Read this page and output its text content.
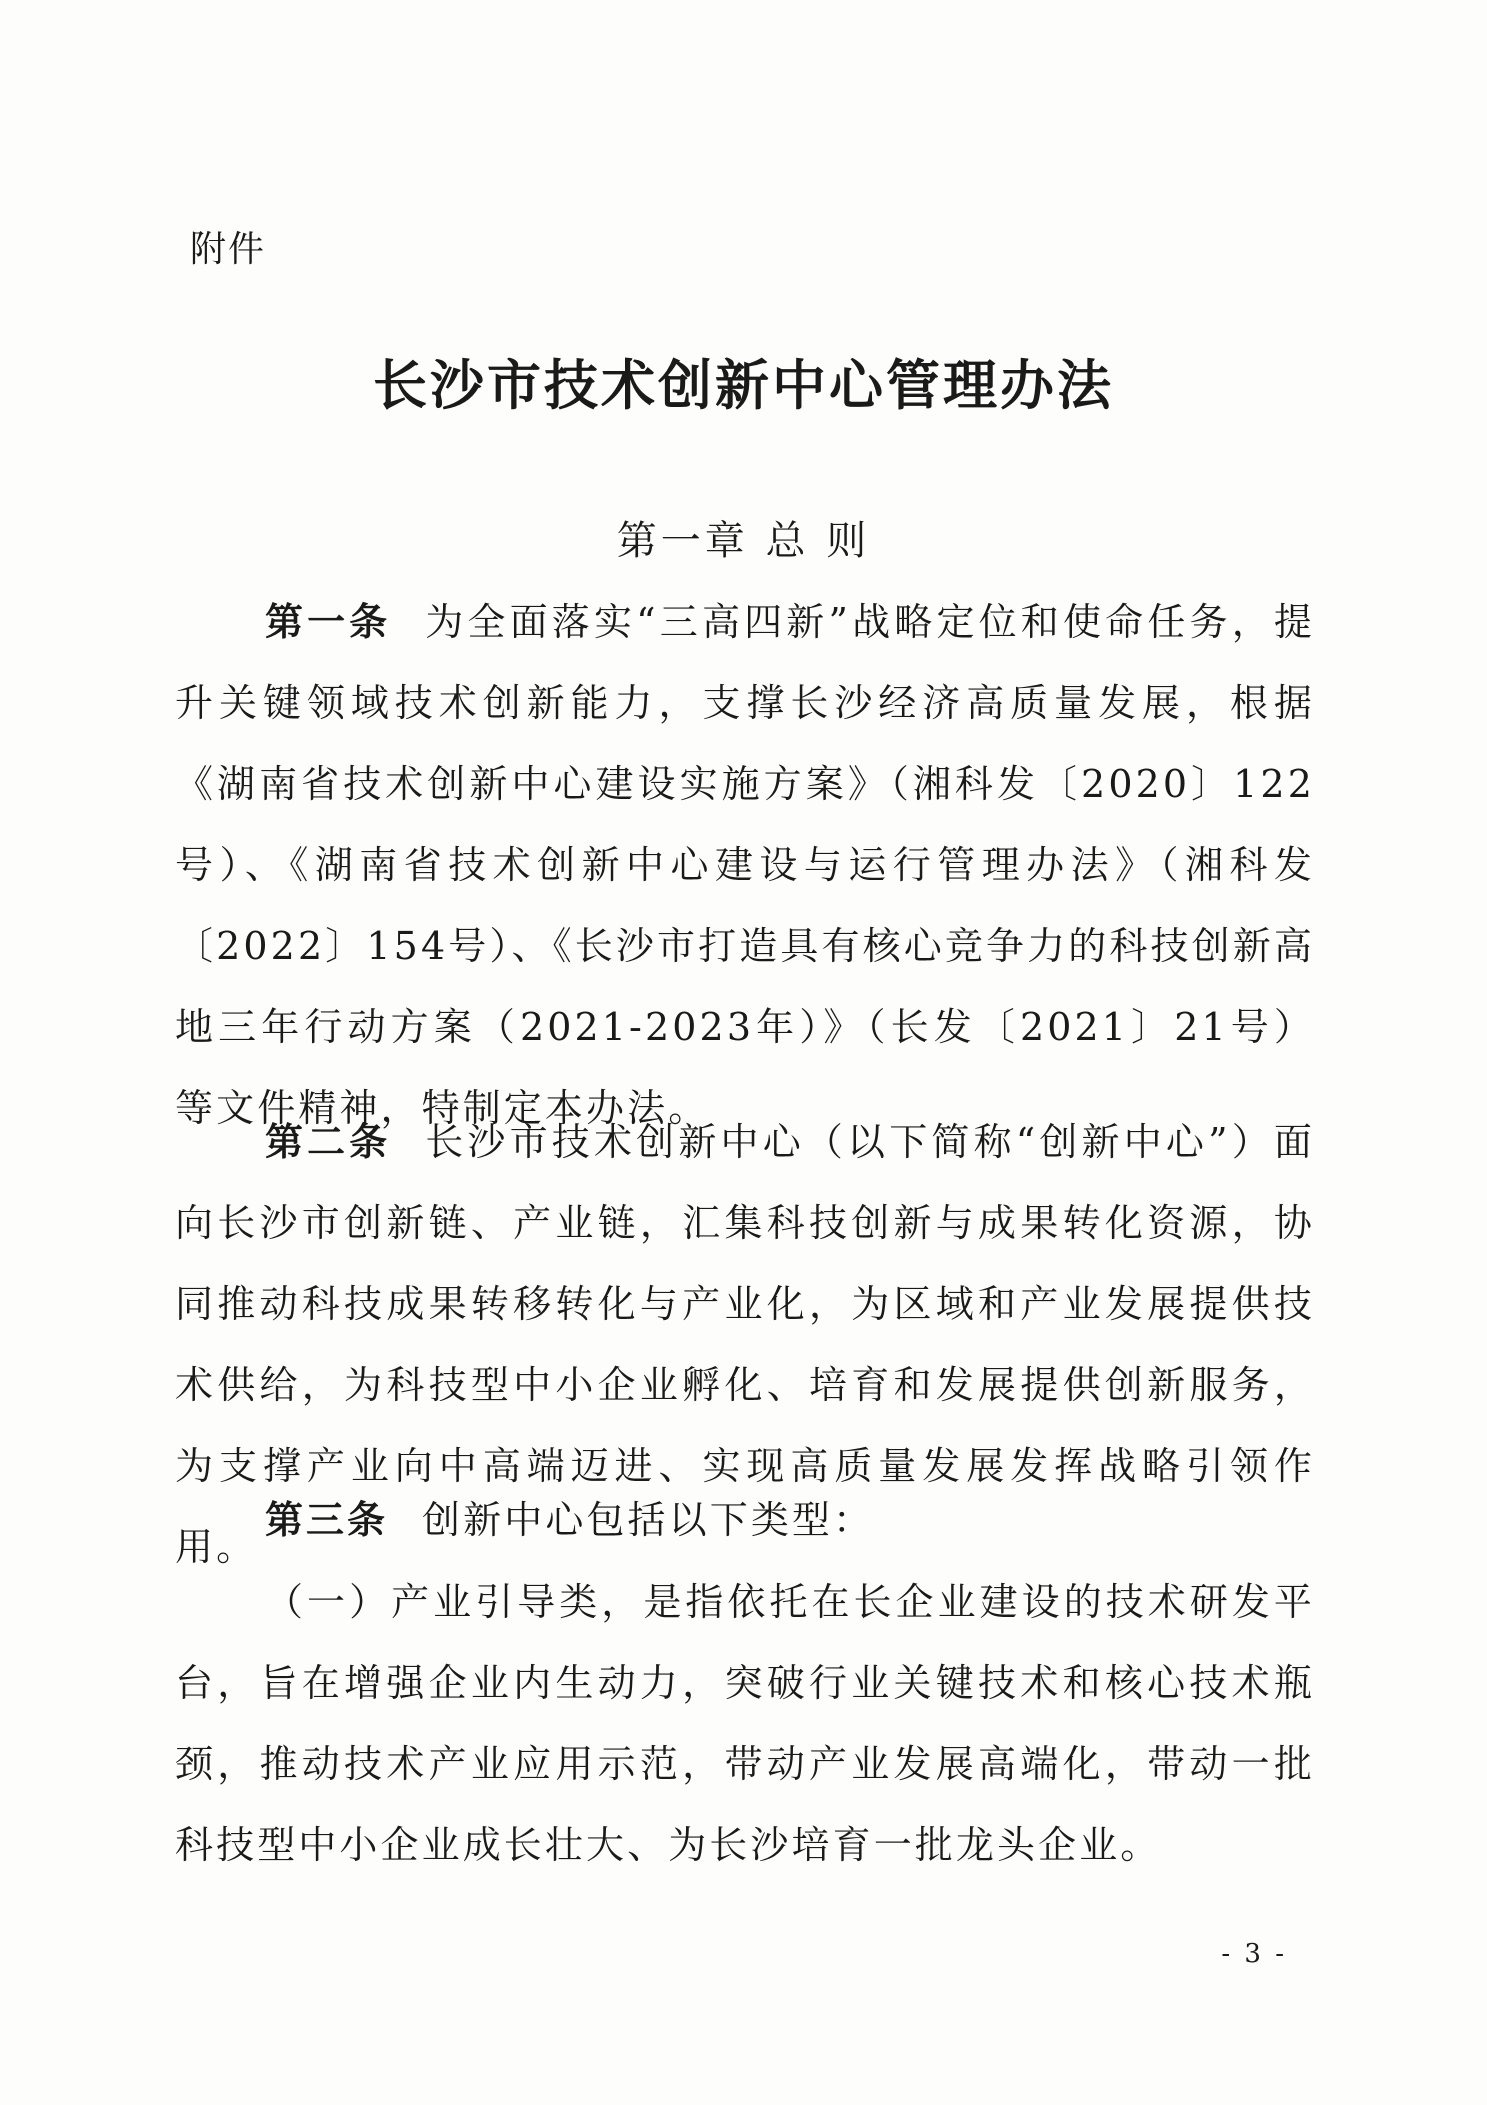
附件
长沙市技术创新中心管理办法
第一章 总 则

第一条 为全面落实“三高四新”战略定位和使命任务，提升关键领域技术创新能力，支撑长沙经济高质量发展，根据《湖南省技术创新中心建设实施方案》（湘科发〔2020〕122号）、《湖南省技术创新中心建设与运行管理办法》（湘科发〔2022〕154号）、《长沙市打造具有核心竞争力的科技创新高地三年行动方案（2021-2023年）》（长发〔2021〕21号）等文件精神，特制定本办法。

第二条 长沙市技术创新中心（以下简称“创新中心”）面向长沙市创新链、产业链，汇集科技创新与成果转化资源，协同推动科技成果转移转化与产业化，为区域和产业发展提供技术供给，为科技型中小企业孵化、培育和发展提供创新服务，为支撑产业向中高端迈进、实现高质量发展发挥战略引领作用。

第三条 创新中心包括以下类型：

（一）产业引导类，是指依托在长企业建设的技术研发平台，旨在增强企业内生动力，突破行业关键技术和核心技术瓶颈，推动技术产业应用示范，带动产业发展高端化，带动一批科技型中小企业成长壮大、为长沙培育一批龙头企业。

- 3 -
